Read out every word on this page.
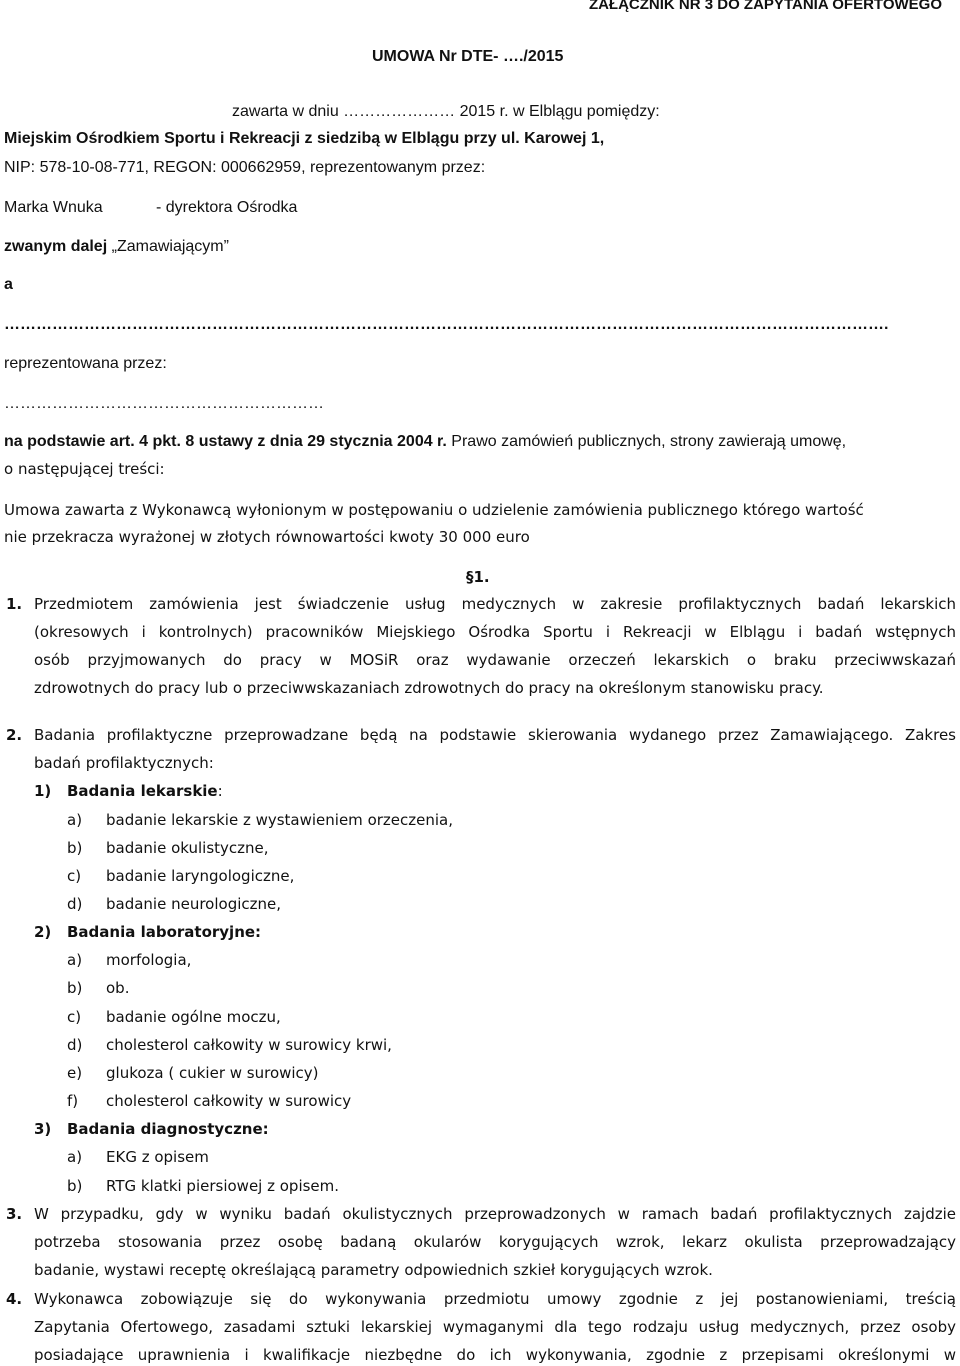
ZAŁĄCZNIK NR 3 DO ZAPYTANIA OFERTOWEGO
UMOWA Nr DTE- …./2015
zawarta w dniu ………………… 2015 r. w Elblągu pomiędzy:
Miejskim Ośrodkiem Sportu i Rekreacji z siedzibą w Elblągu przy ul. Karowej 1,
NIP: 578-10-08-771, REGON: 000662959, reprezentowanym przez:
Marka Wnuka	- dyrektora Ośrodka
zwanym dalej „Zamawiającym”
a
………………………………………………………………………………………………………………………………………………….
reprezentowana przez:
……………………………………………………
na podstawie art. 4 pkt. 8 ustawy z dnia 29 stycznia 2004 r. Prawo zamówień publicznych, strony zawierają umowę,
o następującej treści:
Umowa zawarta z Wykonawcą wyłonionym w postępowaniu o udzielenie zamówienia publicznego którego wartość
nie przekracza wyrażonej w złotych równowartości kwoty 30 000 euro
§1.
1. Przedmiotem zamówienia jest świadczenie usług medycznych w zakresie profilaktycznych badań lekarskich
(okresowych i kontrolnych) pracowników Miejskiego Ośrodka Sportu i Rekreacji w Elblągu i badań wstępnych
osób przyjmowanych do pracy w MOSiR oraz wydawanie orzeczeń lekarskich o braku przeciwwskazań
zdrowotnych do pracy lub o przeciwwskazaniach zdrowotnych do pracy na określonym stanowisku pracy.
2. Badania profilaktyczne przeprowadzane będą na podstawie skierowania wydanego przez Zamawiającego. Zakres
badań profilaktycznych:
1) Badania lekarskie:
a) badanie lekarskie z wystawieniem orzeczenia,
b) badanie okulistyczne,
c) badanie laryngologiczne,
d) badanie neurologiczne,
2) Badania laboratoryjne:
a) morfologia,
b) ob.
c) badanie ogólne moczu,
d) cholesterol całkowity w surowicy krwi,
e) glukoza ( cukier w surowicy)
f) cholesterol całkowity w surowicy
3) Badania diagnostyczne:
a) EKG z opisem
b) RTG klatki piersiowej z opisem.
3. W przypadku, gdy w wyniku badań okulistycznych przeprowadzonych w ramach badań profilaktycznych zajdzie
potrzeba stosowania przez osobę badaną okularów korygujących wzrok, lekarz okulista przeprowadzający
badanie, wystawi receptę określającą parametry odpowiednich szkieł korygujących wzrok.
4. Wykonawca zobowiązuje się do wykonywania przedmiotu umowy zgodnie z jej postanowieniami, treścią
Zapytania Ofertowego, zasadami sztuki lekarskiej wymaganymi dla tego rodzaju usług medycznych, przez osoby
posiadające uprawnienia i kwalifikacje niezbędne do ich wykonywania, zgodnie z przepisami określonymi w
